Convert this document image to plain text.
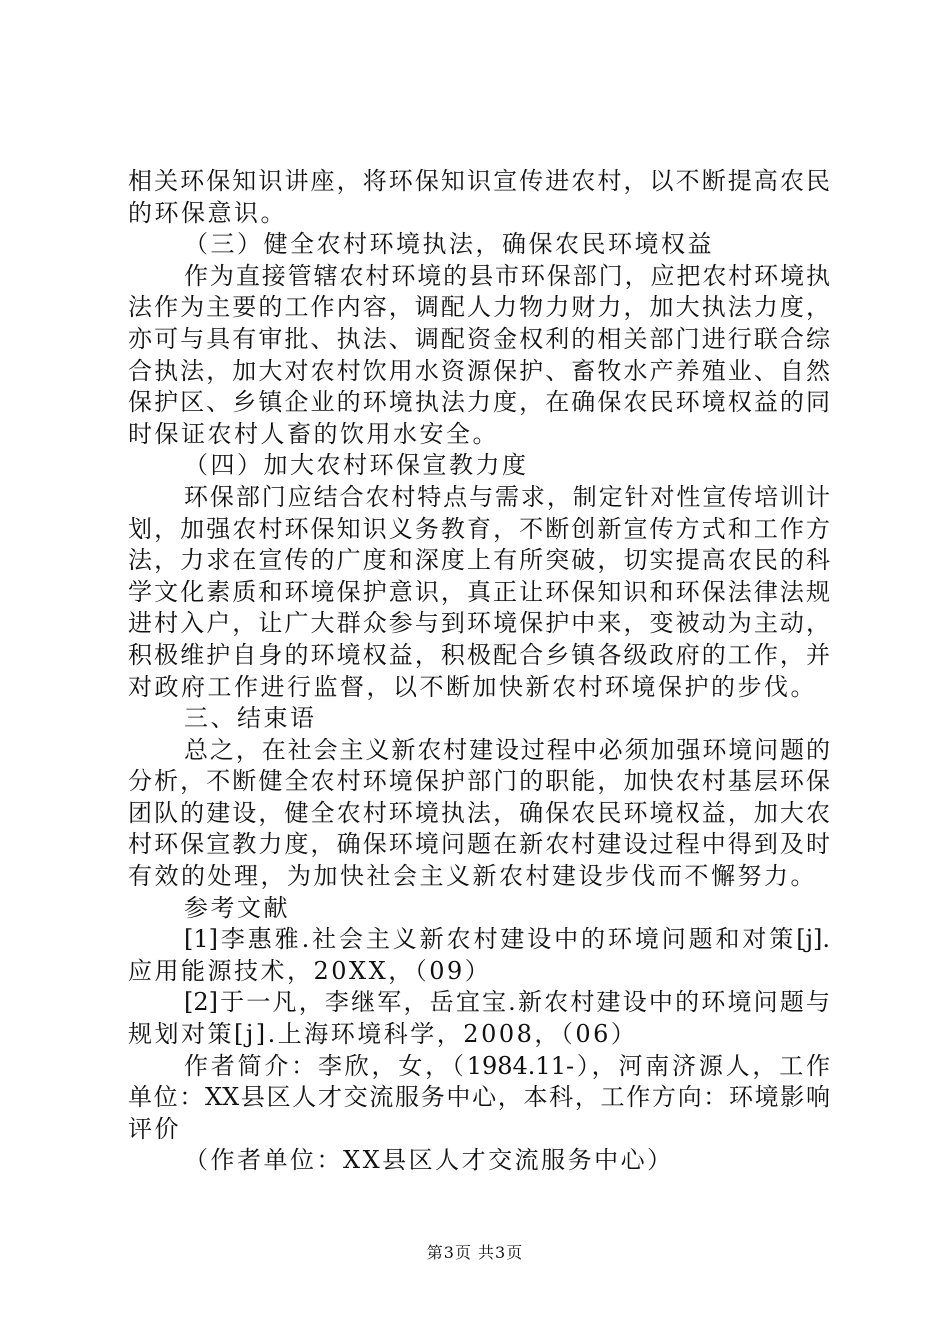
相关环保知识讲座，将环保知识宣传进农村，以不断提高农民
的环保意识。
（三）健全农村环境执法，确保农民环境权益
作为直接管辖农村环境的县市环保部门，应把农村环境执
法作为主要的工作内容，调配人力物力财力，加大执法力度，
亦可与具有审批、执法、调配资金权利的相关部门进行联合综
合执法，加大对农村饮用水资源保护、畜牧水产养殖业、自然
保护区、乡镇企业的环境执法力度，在确保农民环境权益的同
时保证农村人畜的饮用水安全。
（四）加大农村环保宣教力度
环保部门应结合农村特点与需求，制定针对性宣传培训计
划，加强农村环保知识义务教育，不断创新宣传方式和工作方
法，力求在宣传的广度和深度上有所突破，切实提高农民的科
学文化素质和环境保护意识，真正让环保知识和环保法律法规
进村入户，让广大群众参与到环境保护中来，变被动为主动，
积极维护自身的环境权益，积极配合乡镇各级政府的工作，并
对政府工作进行监督，以不断加快新农村环境保护的步伐。
三、结束语
总之，在社会主义新农村建设过程中必须加强环境问题的
分析，不断健全农村环境保护部门的职能，加快农村基层环保
团队的建设，健全农村环境执法，确保农民环境权益，加大农
村环保宣教力度，确保环境问题在新农村建设过程中得到及时
有效的处理，为加快社会主义新农村建设步伐而不懈努力。
参考文献
[1]李惠雅.社会主义新农村建设中的环境问题和对策[j].
应用能源技术，20XX，（09）
[2]于一凡，李继军，岳宜宝.新农村建设中的环境问题与
规划对策[j].上海环境科学，2008，（06）
作者简介：李欣，女，（1984.11-），河南济源人，工作
单位：XX县区人才交流服务中心，本科，工作方向：环境影响
评价
（作者单位：XX县区人才交流服务中心）
第3页 共3页
